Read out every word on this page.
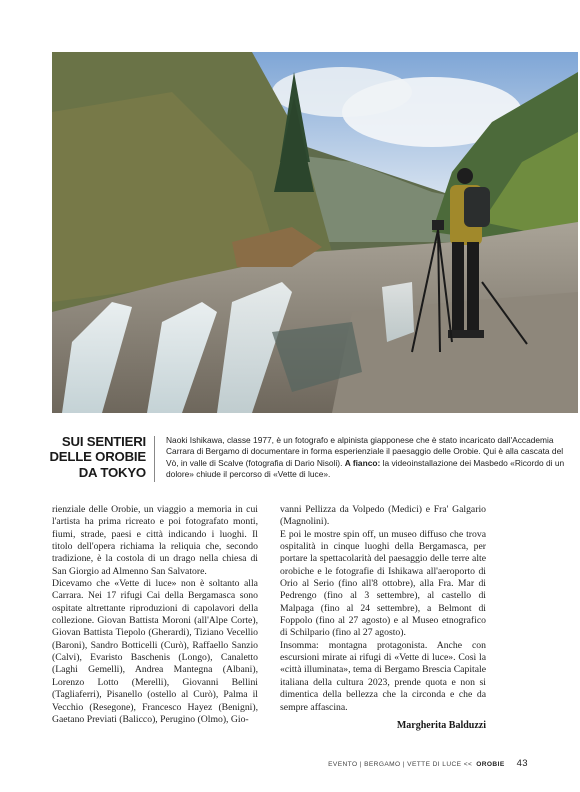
SUI SENTIERI
DELLE OROBIE
DA TOKYO
Naoki Ishikawa, classe 1977, è un fotografo e alpinista giapponese che è stato incaricato dall'Accademia Carrara di Bergamo di documentare in forma esperienziale il paesaggio delle Orobie. Qui è alla cascata del Vò, in valle di Scalve (fotografia di Dario Nisoli). A fianco: la videoinstallazione dei Masbedo «Ricordo di un dolore» chiude il percorso di «Vette di luce».

rienziale delle Orobie, un viaggio a memoria in cui l'artista ha prima ricreato e poi fotografato monti, fiumi, strade, paesi e città indicando i luoghi. Il titolo dell'opera richiama la reliquia che, secondo tradizione, è la costola di un drago nella chiesa di San Giorgio ad Almenno San Salvatore.

Dicevamo che «Vette di luce» non è soltanto alla Carrara. Nei 17 rifugi Cai della Bergamasca sono ospitate altrettante riproduzioni di capolavori della collezione. Giovan Battista Moroni (all'Alpe Corte), Giovan Battista Tiepolo (Gherardi), Tiziano Vecellio (Baroni), Sandro Botticelli (Curò), Raffaello Sanzio (Calvi), Evaristo Baschenis (Longo), Canaletto (Laghi Gemelli), Andrea Mantegna (Albani), Lorenzo Lotto (Merelli), Giovanni Bellini (Tagliaferri), Pisanello (ostello al Curò), Palma il Vecchio (Resegone), Francesco Hayez (Benigni), Gaetano Previati (Balicco), Perugino (Olmo), Gio-

vanni Pellizza da Volpedo (Medici) e Fra' Galgario (Magnolini).

E poi le mostre spin off, un museo diffuso che trova ospitalità in cinque luoghi della Bergamasca, per portare la spettacolarità del paesaggio delle terre alte orobiche e le fotografie di Ishikawa all'aeroporto di Orio al Serio (fino all'8 ottobre), alla Fra. Mar di Pedrengo (fino al 3 settembre), al castello di Malpaga (fino al 24 settembre), a Belmont di Foppolo (fino al 27 agosto) e al Museo etnografico di Schilpario (fino al 27 agosto).

Insomma: montagna protagonista. Anche con escursioni mirate ai rifugi di «Vette di luce». Così la «città illuminata», tema di Bergamo Brescia Capitale italiana della cultura 2023, prende quota e non si dimentica della bellezza che la circonda e che da sempre affascina.

Margherita Balduzzi
EVENTO | BERGAMO | VETTE DI LUCE << OROBIE 43
